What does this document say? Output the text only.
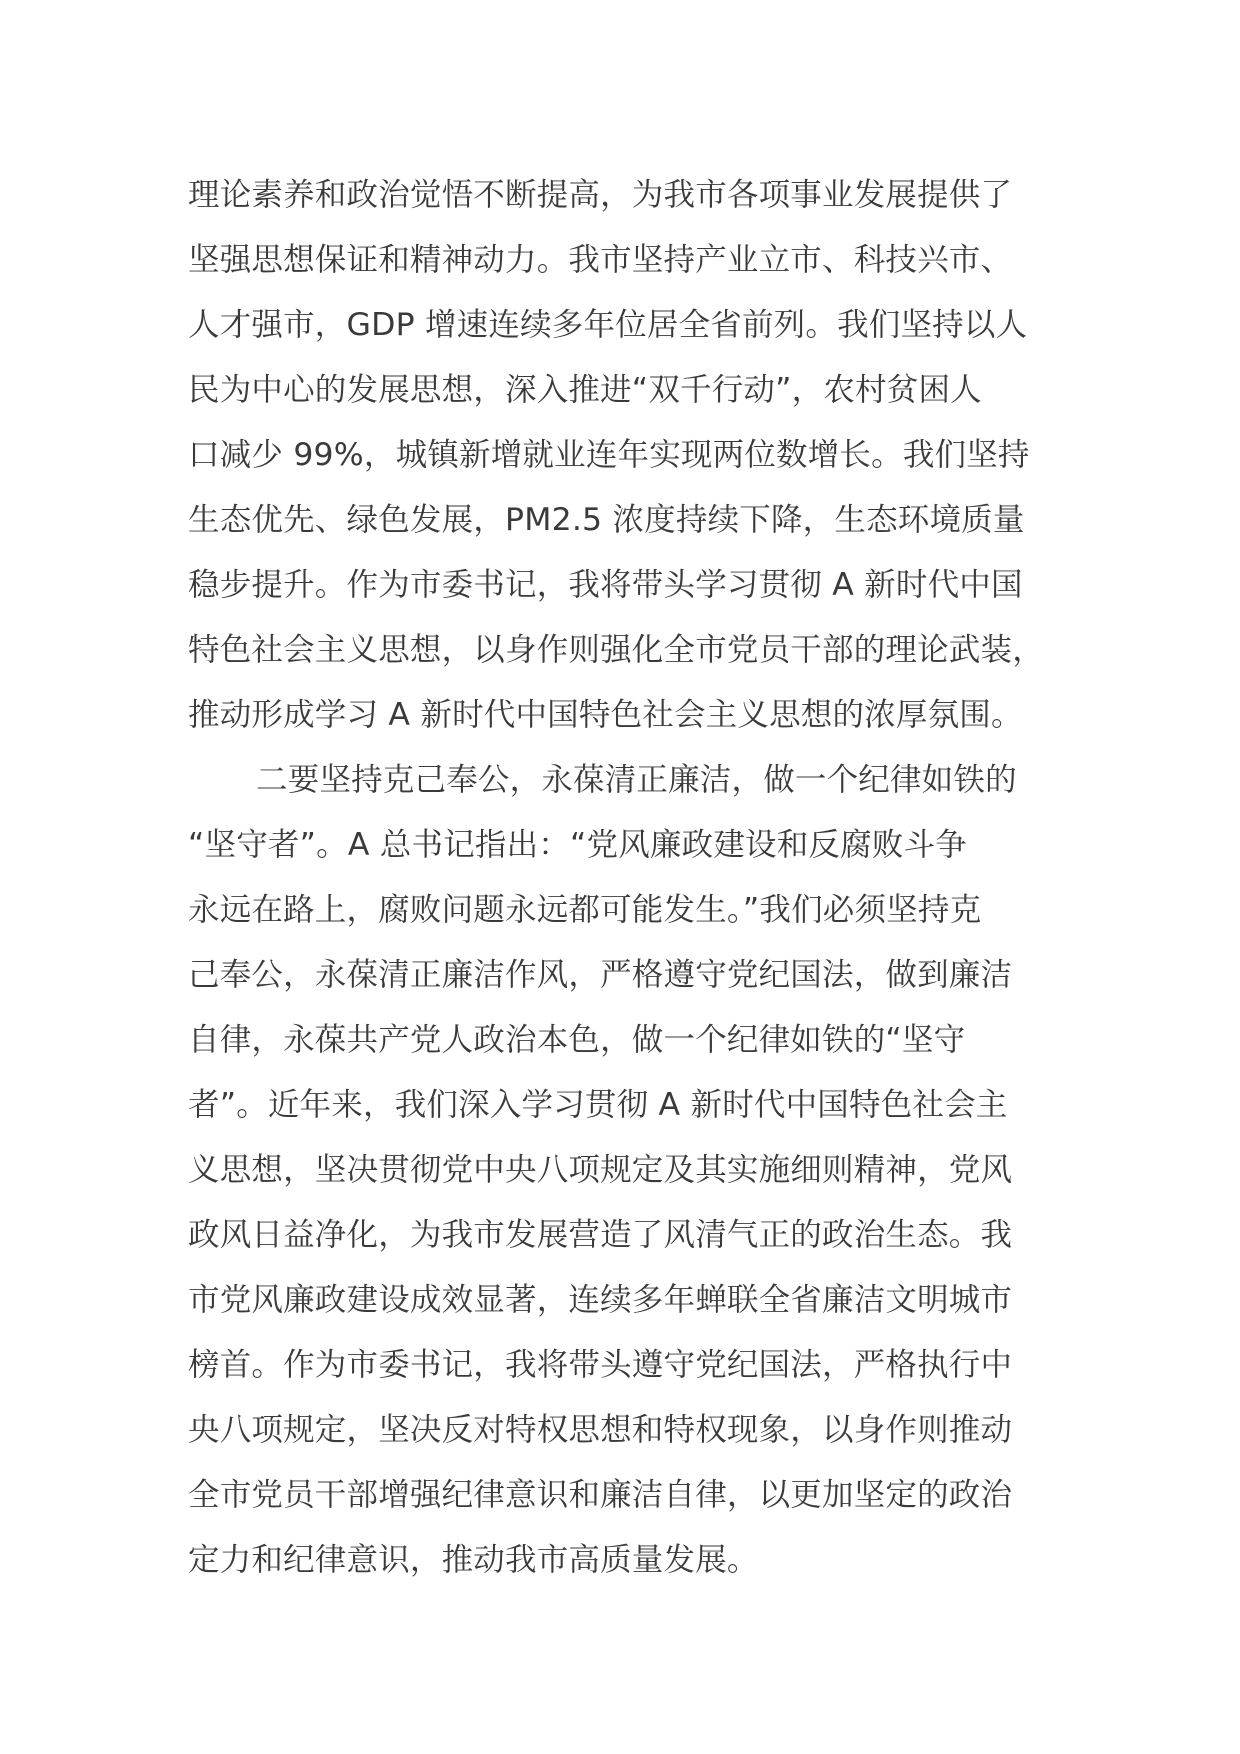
理论素养和政治觉悟不断提高，为我市各项事业发展提供了
坚强思想保证和精神动力。我市坚持产业立市、科技兴市、
人才强市，GDP 增速连续多年位居全省前列。我们坚持以人
民为中心的发展思想，深入推进“双千行动”，农村贫困人
口减少 99%，城镇新增就业连年实现两位数增长。我们坚持
生态优先、绿色发展，PM2.5 浓度持续下降，生态环境质量
稳步提升。作为市委书记，我将带头学习贯彻 A 新时代中国
特色社会主义思想，以身作则强化全市党员干部的理论武装，
推动形成学习 A 新时代中国特色社会主义思想的浓厚氛围。
二要坚持克己奉公，永葆清正廉洁，做一个纪律如铁的
“坚守者”。A 总书记指出：“党风廉政建设和反腐败斗争
永远在路上，腐败问题永远都可能发生。”我们必须坚持克
己奉公，永葆清正廉洁作风，严格遵守党纪国法，做到廉洁
自律，永葆共产党人政治本色，做一个纪律如铁的“坚守
者”。近年来，我们深入学习贯彻 A 新时代中国特色社会主
义思想，坚决贯彻党中央八项规定及其实施细则精神，党风
政风日益净化，为我市发展营造了风清气正的政治生态。我
市党风廉政建设成效显著，连续多年蝉联全省廉洁文明城市
榜首。作为市委书记，我将带头遵守党纪国法，严格执行中
央八项规定，坚决反对特权思想和特权现象，以身作则推动
全市党员干部增强纪律意识和廉洁自律，以更加坚定的政治
定力和纪律意识，推动我市高质量发展。
